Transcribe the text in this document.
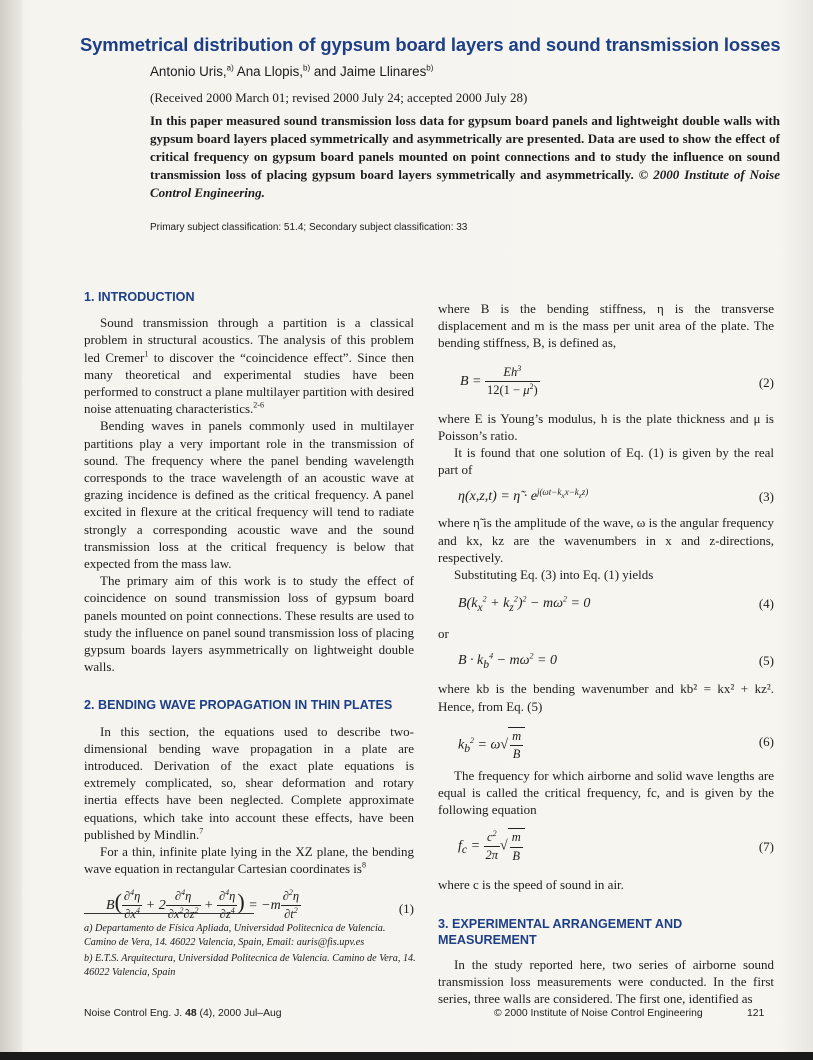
Symmetrical distribution of gypsum board layers and sound transmission losses
Antonio Uris,$^{a)}$ Ana Llopis,$^{b)}$ and Jaime Llinares$^{b)}$
(Received 2000 March 01; revised 2000 July 24; accepted 2000 July 28)

In this paper measured sound transmission loss data for gypsum board panels and lightweight double walls with gypsum board layers placed symmetrically and asymmetrically are presented. Data are used to show the effect of critical frequency on gypsum board panels mounted on point connections and to study the influence on sound transmission loss of placing gypsum board layers symmetrically and asymmetrically. © 2000 Institute of Noise Control Engineering.

Primary subject classification: 51.4; Secondary subject classification: 33
1. INTRODUCTION

Sound transmission through a partition is a classical problem in structural acoustics. The analysis of this problem led Cremer$^1$ to discover the “coincidence effect”. Since then many theoretical and experimental studies have been performed to construct a plane multilayer partition with desired noise attenuating characteristics.$^{2-6}$

Bending waves in panels commonly used in multilayer partitions play a very important role in the transmission of sound. The frequency where the panel bending wavelength corresponds to the trace wavelength of an acoustic wave at grazing incidence is defined as the critical frequency. A panel excited in flexure at the critical frequency will tend to radiate strongly a corresponding acoustic wave and the sound transmission loss at the critical frequency is below that expected from the mass law.

The primary aim of this work is to study the effect of coincidence on sound transmission loss of gypsum board panels mounted on point connections. These results are used to study the influence on panel sound transmission loss of placing gypsum boards layers asymmetrically on lightweight double walls.

2. BENDING WAVE PROPAGATION IN THIN PLATES

In this section, the equations used to describe two-dimensional bending wave propagation in a plate are introduced. Derivation of the exact plate equations is extremely complicated, so, shear deformation and rotary inertia effects have been neglected. Complete approximate equations, which take into account these effects, have been published by Mindlin.$^7$

For a thin, infinite plate lying in the XZ plane, the bending wave equation in rectangular Cartesian coordinates $is^8$

$B( \frac{\partial^4\eta}{\partial x^4} + 2 \frac{\partial^4\eta}{\partial x^2\partial z^2} + \frac{\partial^4\eta}{\partial z^4}$ ) = $-m \frac{\partial^2\eta}{\partial t^2}$	(1)

a) Departamento de Física Apliada, Universidad Politecnica de Valencia. Camino de Vera, 14. 46022 Valencia, Spain, Email: auris@fis.upv.es

b) E.T.S. Arquitectura, Universidad Politecnica de Valencia. Camino de Vera, 14. 46022 Valencia, Spain

where B is the bending stiffness, η is the transverse displacement and m is the mass per unit area of the plate. The bending stiffness, B, is defined as,

$B = \frac{Eh^3}{12(1 - \mu^2)}$	(2)

where E is Young’s modulus, h is the plate thickness and μ is Poisson’s ratio.

It is found that one solution of Eq. (1) is given by the real part of

η(x,z,t) = η̃ · $e^{j(\omega t-k_xx-k_zz)}$	(3)

where η̃ is the amplitude of the wave, ω is the angular frequency and kx, kz are the wavenumbers in x and z-directions, respectively.

Substituting Eq. (3) into Eq. (1) yields

$B(k_x^2 + k_z^2)^2 - m\omega^2 = 0$	(4)

or

$B \cdot k_b^4 - m\omega^2 = 0$	(5)

where kb is the bending wavenumber and kb² = kx² + kz². Hence, from Eq. (5)

$k_b^2 = \omega√ \frac{m}{B}$	(6)

The frequency for which airborne and solid wave lengths are equal is called the critical frequency, fc, and is given by the following equation

$f_c = \frac{c^2}{2\pi}$ √ $\frac{m}{B}$	(7)

where c is the speed of sound in air.

3. EXPERIMENTAL ARRANGEMENT AND MEASUREMENT

In the study reported here, two series of airborne sound transmission loss measurements were conducted. In the first series, three walls are considered. The first one, identified as

Noise Control Eng. J. 48 (4), 2000 Jul–Aug	© 2000 Institute of Noise Control Engineering	121
